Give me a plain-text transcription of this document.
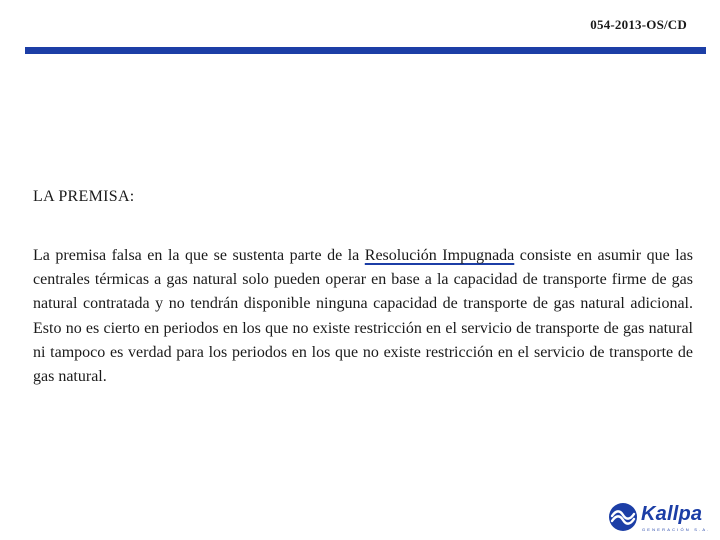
054-2013-OS/CD
LA PREMISA:
La premisa falsa en la que se sustenta parte de la Resolución Impugnada consiste en asumir que las centrales térmicas a gas natural solo pueden operar en base a la capacidad de transporte firme de gas natural contratada y no tendrán disponible ninguna capacidad de transporte de gas natural adicional. Esto no es cierto en periodos en los que no existe restricción en el servicio de transporte de gas natural ni tampoco es verdad para los periodos en los que no existe restricción en el servicio de transporte de gas natural.
Kallpa
GENERACIÓN S.A.
